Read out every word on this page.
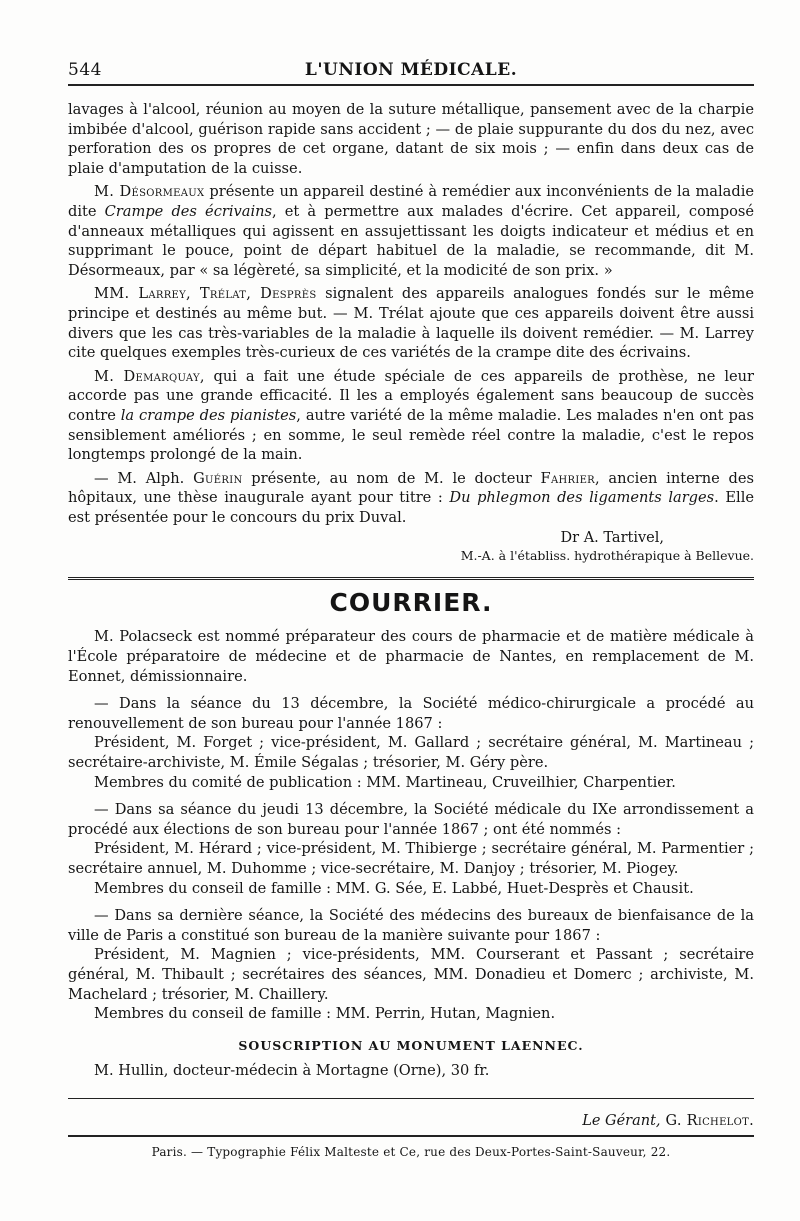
544	L'UNION MÉDICALE.

lavages à l'alcool, réunion au moyen de la suture métallique, pansement avec de la charpie imbibée d'alcool, guérison rapide sans accident ; — de plaie suppurante du dos du nez, avec perforation des os propres de cet organe, datant de six mois ; — enfin dans deux cas de plaie d'amputation de la cuisse.

M. Désormeaux présente un appareil destiné à remédier aux inconvénients de la maladie dite Crampe des écrivains, et à permettre aux malades d'écrire. Cet appareil, composé d'anneaux métalliques qui agissent en assujettissant les doigts indicateur et médius et en supprimant le pouce, point de départ habituel de la maladie, se recommande, dit M. Désormeaux, par « sa légèreté, sa simplicité, et la modicité de son prix. »

MM. Larrey, Trélat, Desprès signalent des appareils analogues fondés sur le même principe et destinés au même but. — M. Trélat ajoute que ces appareils doivent être aussi divers que les cas très-variables de la maladie à laquelle ils doivent remédier. — M. Larrey cite quelques exemples très-curieux de ces variétés de la crampe dite des écrivains.

M. Demarquay, qui a fait une étude spéciale de ces appareils de prothèse, ne leur accorde pas une grande efficacité. Il les a employés également sans beaucoup de succès contre la crampe des pianistes, autre variété de la même maladie. Les malades n'en ont pas sensiblement améliorés ; en somme, le seul remède réel contre la maladie, c'est le repos longtemps prolongé de la main.

— M. Alph. Guérin présente, au nom de M. le docteur Fahrier, ancien interne des hôpitaux, une thèse inaugurale ayant pour titre : Du phlegmon des ligaments larges. Elle est présentée pour le concours du prix Duval.

Dr A. Tartivel,

M.-A. à l'établiss. hydrothérapique à Bellevue.

COURRIER.

M. Polacseck est nommé préparateur des cours de pharmacie et de matière médicale à l'École préparatoire de médecine et de pharmacie de Nantes, en remplacement de M. Eonnet, démissionnaire.

— Dans la séance du 13 décembre, la Société médico-chirurgicale a procédé au renouvellement de son bureau pour l'année 1867 :

Président, M. Forget ; vice-président, M. Gallard ; secrétaire général, M. Martineau ; secrétaire-archiviste, M. Émile Ségalas ; trésorier, M. Géry père.

Membres du comité de publication : MM. Martineau, Cruveilhier, Charpentier.

— Dans sa séance du jeudi 13 décembre, la Société médicale du IXe arrondissement a procédé aux élections de son bureau pour l'année 1867 ; ont été nommés :

Président, M. Hérard ; vice-président, M. Thibierge ; secrétaire général, M. Parmentier ; secrétaire annuel, M. Duhomme ; vice-secrétaire, M. Danjoy ; trésorier, M. Piogey.

Membres du conseil de famille : MM. G. Sée, E. Labbé, Huet-Desprès et Chausit.

— Dans sa dernière séance, la Société des médecins des bureaux de bienfaisance de la ville de Paris a constitué son bureau de la manière suivante pour 1867 :

Président, M. Magnien ; vice-présidents, MM. Courserant et Passant ; secrétaire général, M. Thibault ; secrétaires des séances, MM. Donadieu et Domerc ; archiviste, M. Machelard ; trésorier, M. Chaillery.

Membres du conseil de famille : MM. Perrin, Hutan, Magnien.

SOUSCRIPTION AU MONUMENT LAENNEC.

M. Hullin, docteur-médecin à Mortagne (Orne), 30 fr.

Le Gérant, G. Richelot.
Paris. — Typographie Félix Malteste et Ce, rue des Deux-Portes-Saint-Sauveur, 22.
